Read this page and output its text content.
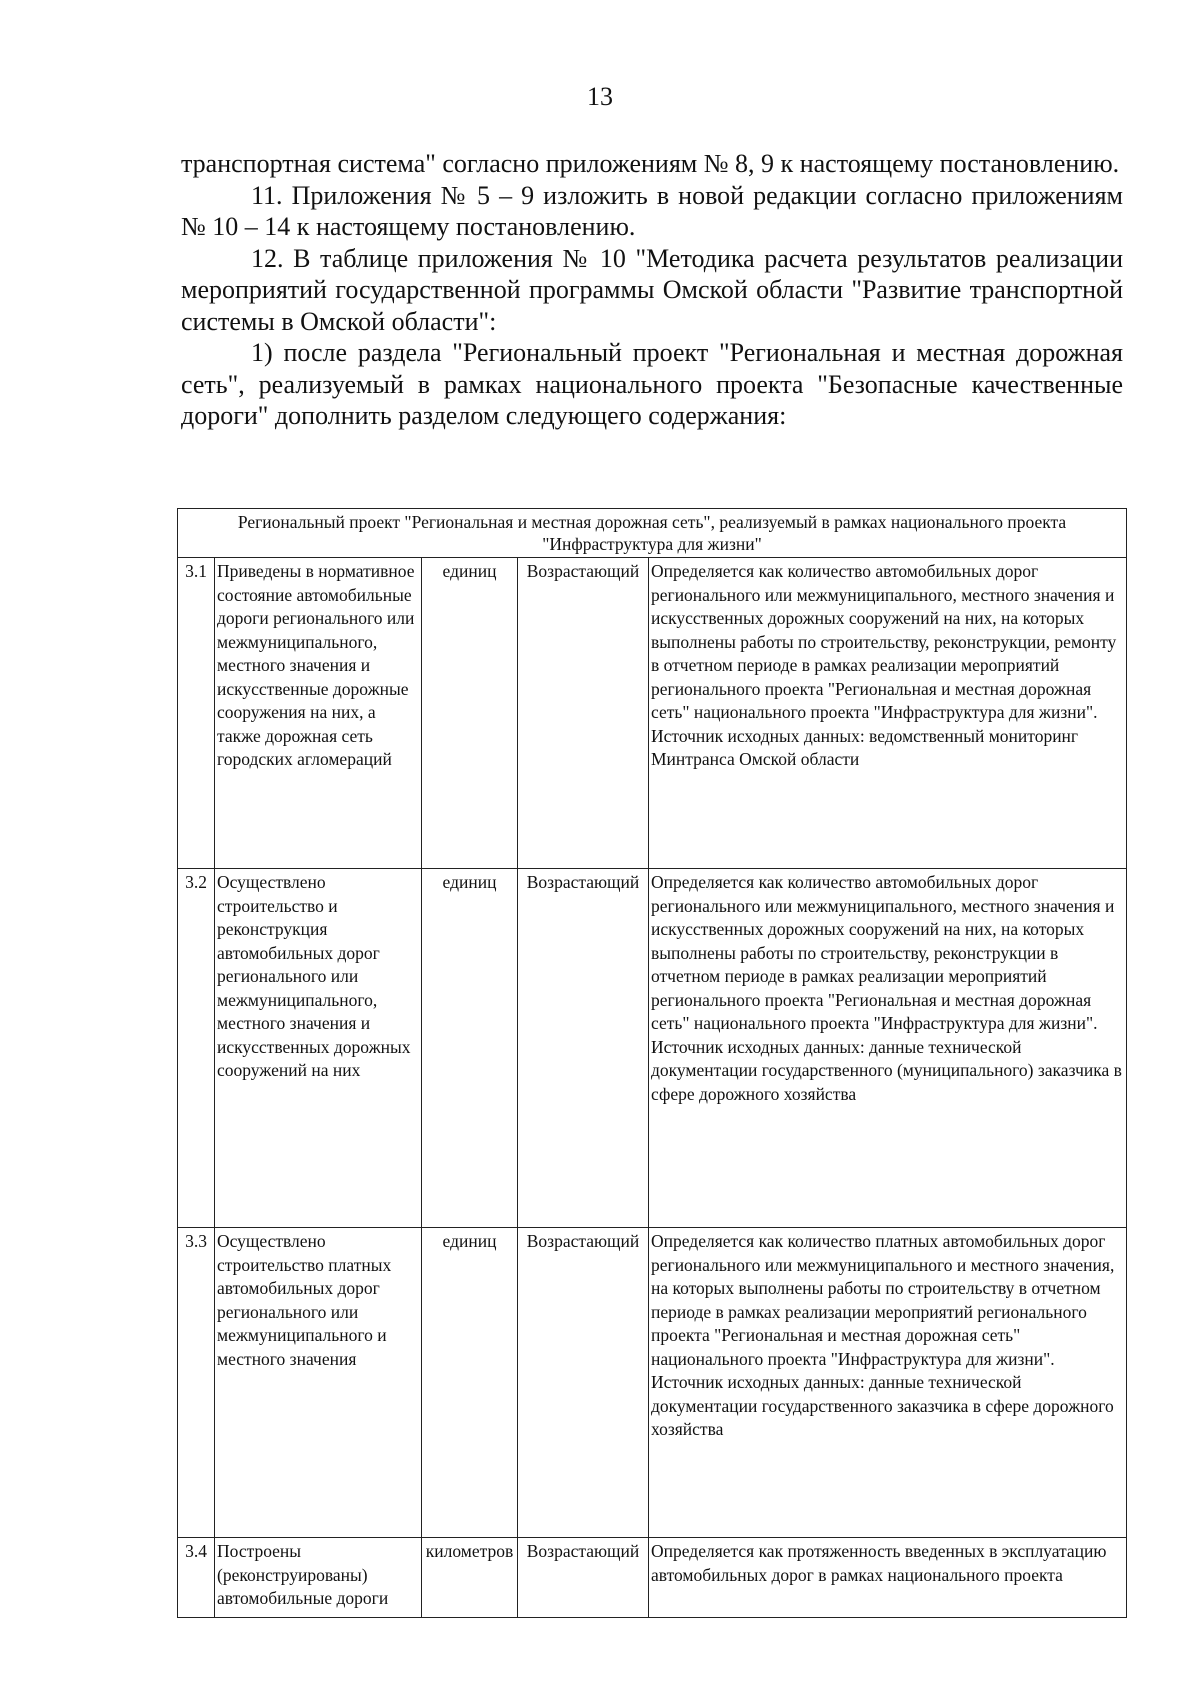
13

транспортная система" согласно приложениям № 8, 9 к настоящему постановлению.

11. Приложения № 5 – 9 изложить в новой редакции согласно приложениям № 10 – 14 к настоящему постановлению.

12. В таблице приложения № 10 "Методика расчета результатов реализации мероприятий государственной программы Омской области "Развитие транспортной системы в Омской области":

1) после раздела "Региональный проект "Региональная и местная дорожная сеть", реализуемый в рамках национального проекта "Безопасные качественные дороги" дополнить разделом следующего содержания:

Региональный проект "Региональная и местная дорожная сеть", реализуемый в рамках национального проекта "Инфраструктура для жизни"				
3.1	Приведены в нормативное состояние автомобильные дороги регионального или межмуниципального, местного значения и искусственные дорожные сооружения на них, а также дорожная сеть городских агломераций	единиц	Возрастающий	Определяется как количество автомобильных дорог регионального или межмуниципального, местного значения и искусственных дорожных сооружений на них, на которых выполнены работы по строительству, реконструкции, ремонту в отчетном периоде в рамках реализации мероприятий регионального проекта "Региональная и местная дорожная сеть" национального проекта "Инфраструктура для жизни".
Источник исходных данных: ведомственный мониторинг Минтранса Омской области

3.2	Осуществлено строительство и реконструкция автомобильных дорог регионального или межмуниципального, местного значения и искусственных дорожных сооружений на них	единиц	Возрастающий	Определяется как количество автомобильных дорог регионального или межмуниципального, местного значения и искусственных дорожных сооружений на них, на которых выполнены работы по строительству, реконструкции в отчетном периоде в рамках реализации мероприятий регионального проекта "Региональная и местная дорожная сеть" национального проекта "Инфраструктура для жизни".
Источник исходных данных: данные технической документации государственного (муниципального) заказчика в сфере дорожного хозяйства

3.3	Осуществлено строительство платных автомобильных дорог регионального или межмуниципального и местного значения	единиц	Возрастающий	Определяется как количество платных автомобильных дорог регионального или межмуниципального и местного значения, на которых выполнены работы по строительству в отчетном периоде в рамках реализации мероприятий регионального проекта "Региональная и местная дорожная сеть" национального проекта "Инфраструктура для жизни".
Источник исходных данных: данные технической документации государственного заказчика в сфере дорожного хозяйства

3.4	Построены (реконструированы) автомобильные дороги	километров	Возрастающий	Определяется как протяженность введенных в эксплуатацию автомобильных дорог в рамках национального проекта
